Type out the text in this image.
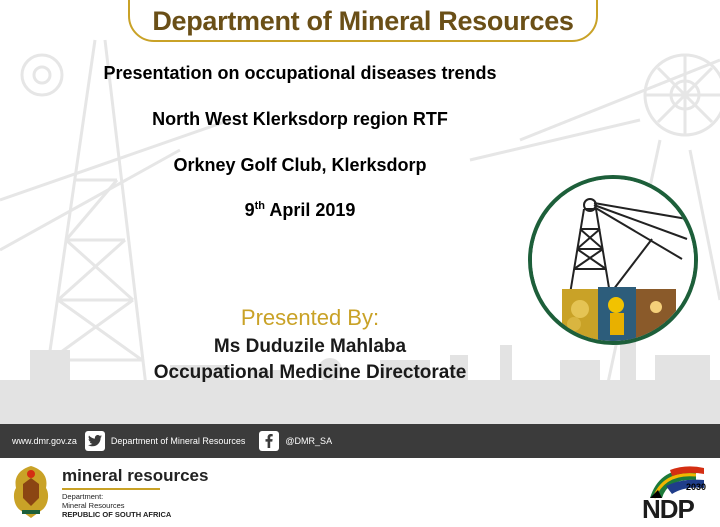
Department of Mineral Resources
Presentation on occupational diseases trends
North West Klerksdorp region RTF
Orkney Golf Club, Klerksdorp
9th April 2019
Presented By:
Ms Duduzile Mahlaba
Occupational Medicine Directorate
www.dmr.gov.za	Department of Mineral Resources	@DMR_SA
mineral resources
Department:
Mineral Resources
REPUBLIC OF SOUTH AFRICA
2030
NDP
